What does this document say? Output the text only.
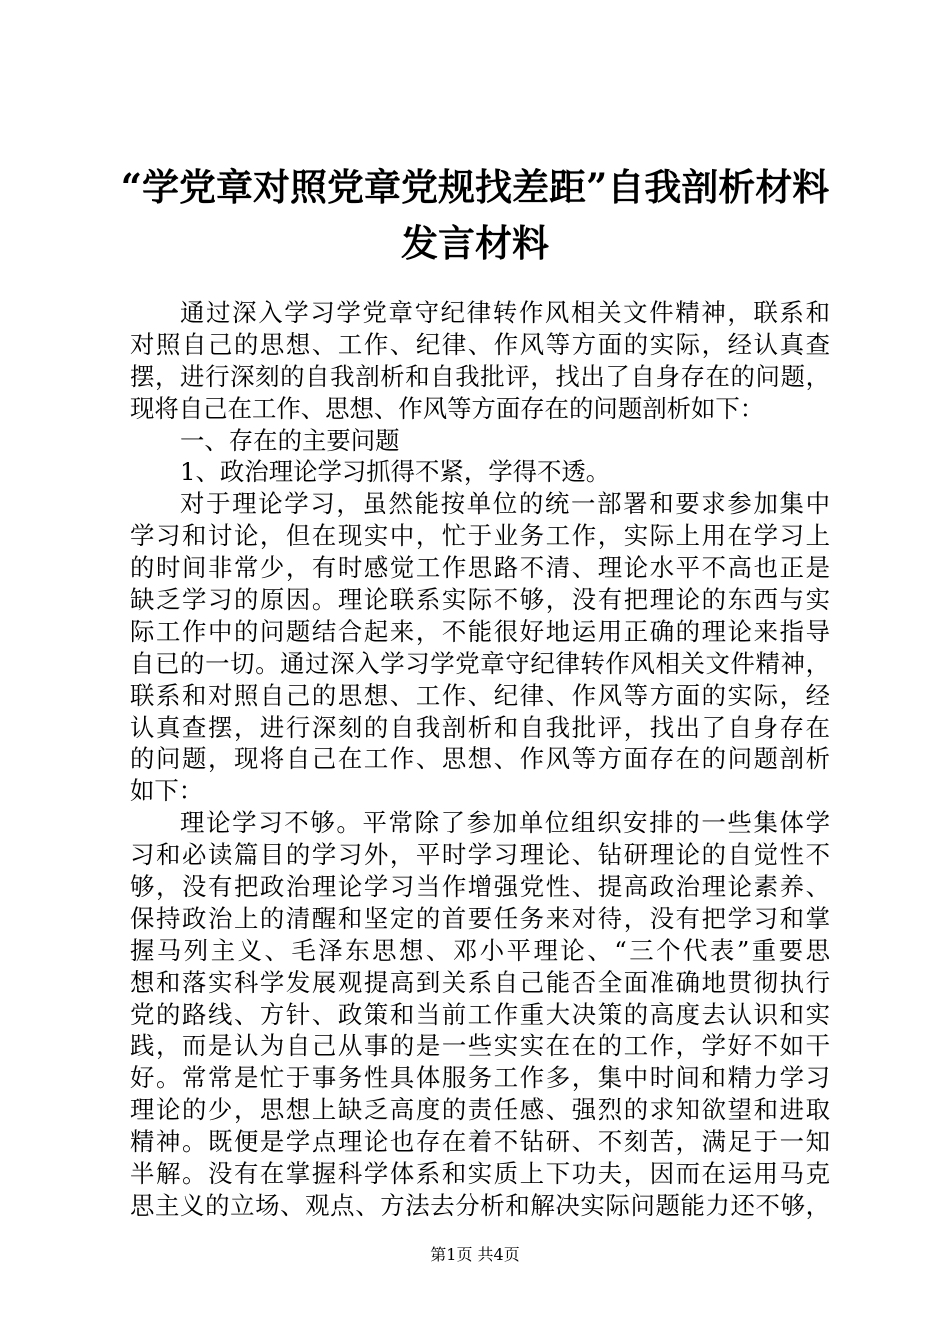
“学党章对照党章党规找差距”自我剖析材料
发言材料
通过深入学习学党章守纪律转作风相关文件精神，联系和
对照自己的思想、工作、纪律、作风等方面的实际，经认真查
摆，进行深刻的自我剖析和自我批评，找出了自身存在的问题，
现将自己在工作、思想、作风等方面存在的问题剖析如下：
一、存在的主要问题
1、政治理论学习抓得不紧，学得不透。
对于理论学习，虽然能按单位的统一部署和要求参加集中
学习和讨论，但在现实中，忙于业务工作，实际上用在学习上
的时间非常少，有时感觉工作思路不清、理论水平不高也正是
缺乏学习的原因。理论联系实际不够，没有把理论的东西与实
际工作中的问题结合起来，不能很好地运用正确的理论来指导
自已的一切。通过深入学习学党章守纪律转作风相关文件精神，
联系和对照自己的思想、工作、纪律、作风等方面的实际，经
认真查摆，进行深刻的自我剖析和自我批评，找出了自身存在
的问题，现将自己在工作、思想、作风等方面存在的问题剖析
如下：
理论学习不够。平常除了参加单位组织安排的一些集体学
习和必读篇目的学习外，平时学习理论、钻研理论的自觉性不
够，没有把政治理论学习当作增强党性、提高政治理论素养、
保持政治上的清醒和坚定的首要任务来对待，没有把学习和掌
握马列主义、毛泽东思想、邓小平理论、“三个代表”重要思
想和落实科学发展观提高到关系自己能否全面准确地贯彻执行
党的路线、方针、政策和当前工作重大决策的高度去认识和实
践，而是认为自己从事的是一些实实在在的工作，学好不如干
好。常常是忙于事务性具体服务工作多，集中时间和精力学习
理论的少，思想上缺乏高度的责任感、强烈的求知欲望和进取
精神。既便是学点理论也存在着不钻研、不刻苦，满足于一知
半解。没有在掌握科学体系和实质上下功夫，因而在运用马克
思主义的立场、观点、方法去分析和解决实际问题能力还不够，
第1页 共4页
